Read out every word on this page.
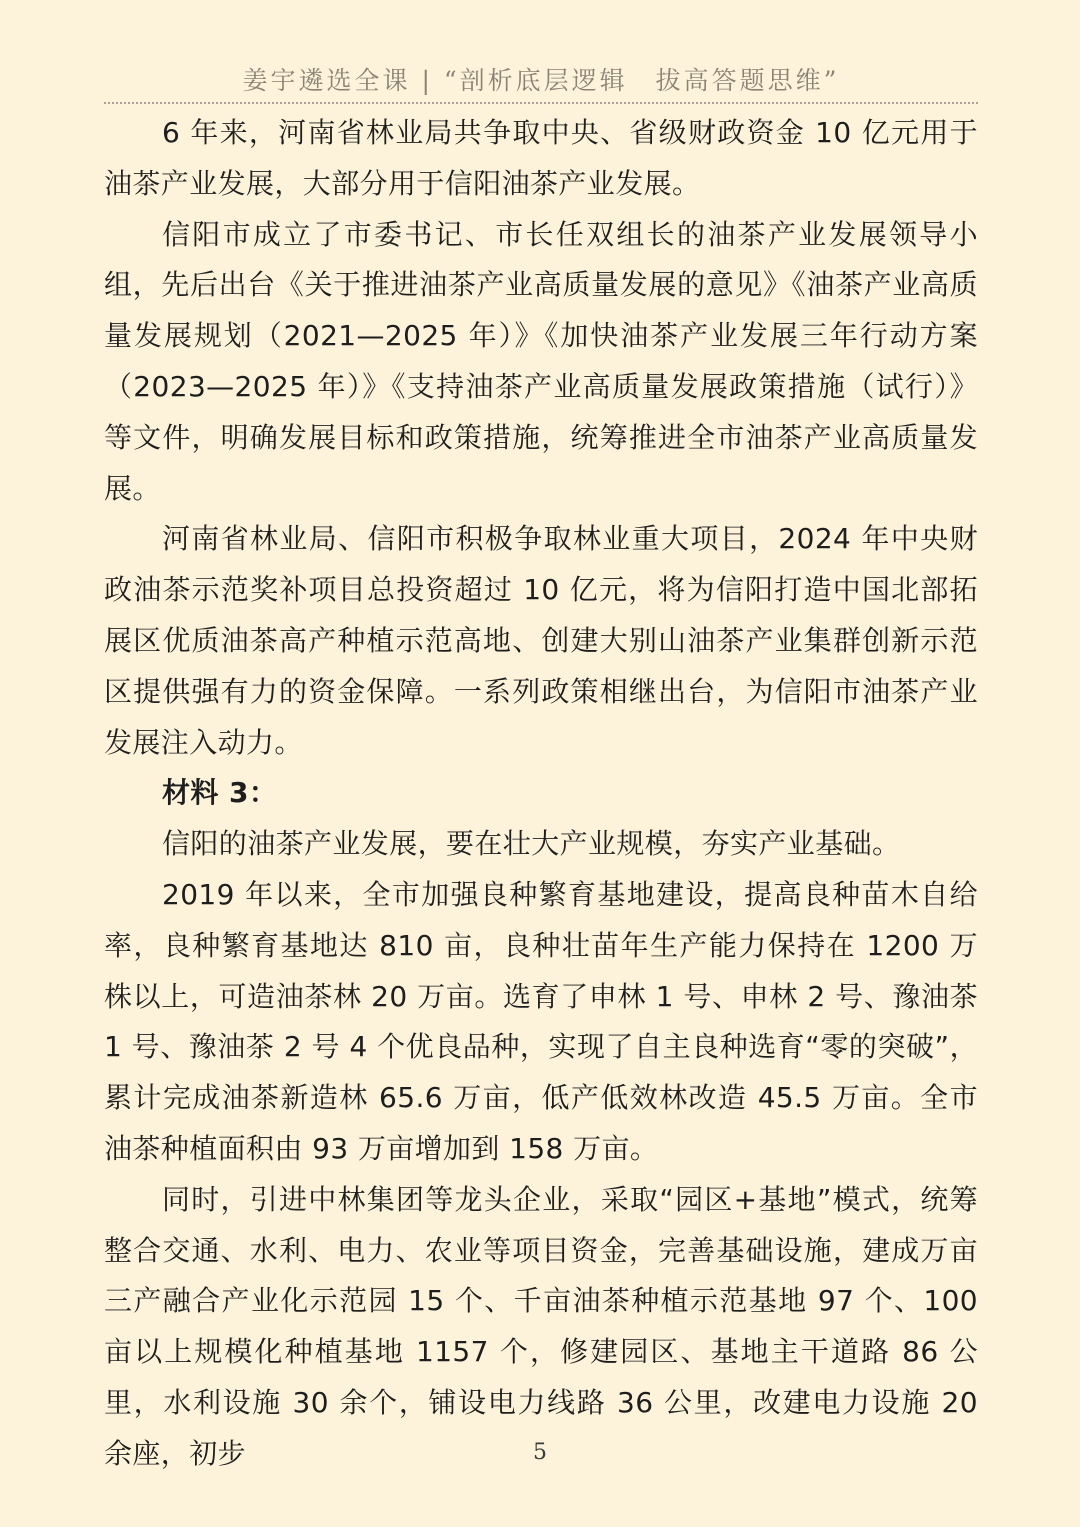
姜宇遴选全课 | “剖析底层逻辑　拔高答题思维”

6 年来，河南省林业局共争取中央、省级财政资金 10 亿元用于油茶产业发展，大部分用于信阳油茶产业发展。

信阳市成立了市委书记、市长任双组长的油茶产业发展领导小组，先后出台《关于推进油茶产业高质量发展的意见》《油茶产业高质量发展规划（2021—2025 年）》《加快油茶产业发展三年行动方案（2023—2025 年）》《支持油茶产业高质量发展政策措施（试行）》等文件，明确发展目标和政策措施，统筹推进全市油茶产业高质量发展。

河南省林业局、信阳市积极争取林业重大项目，2024 年中央财政油茶示范奖补项目总投资超过 10 亿元，将为信阳打造中国北部拓展区优质油茶高产种植示范高地、创建大别山油茶产业集群创新示范区提供强有力的资金保障。一系列政策相继出台，为信阳市油茶产业发展注入动力。

材料 3：

信阳的油茶产业发展，要在壮大产业规模，夯实产业基础。

2019 年以来，全市加强良种繁育基地建设，提高良种苗木自给率，良种繁育基地达 810 亩，良种壮苗年生产能力保持在 1200 万株以上，可造油茶林 20 万亩。选育了申林 1 号、申林 2 号、豫油茶 1 号、豫油茶 2 号 4 个优良品种，实现了自主良种选育“零的突破”，累计完成油茶新造林 65.6 万亩，低产低效林改造 45.5 万亩。全市油茶种植面积由 93 万亩增加到 158 万亩。

同时，引进中林集团等龙头企业，采取“园区+基地”模式，统筹整合交通、水利、电力、农业等项目资金，完善基础设施，建成万亩三产融合产业化示范园 15 个、千亩油茶种植示范基地 97 个、100 亩以上规模化种植基地 1157 个，修建园区、基地主干道路 86 公里，水利设施 30 余个，铺设电力线路 36 公里，改建电力设施 20 余座，初步	5
